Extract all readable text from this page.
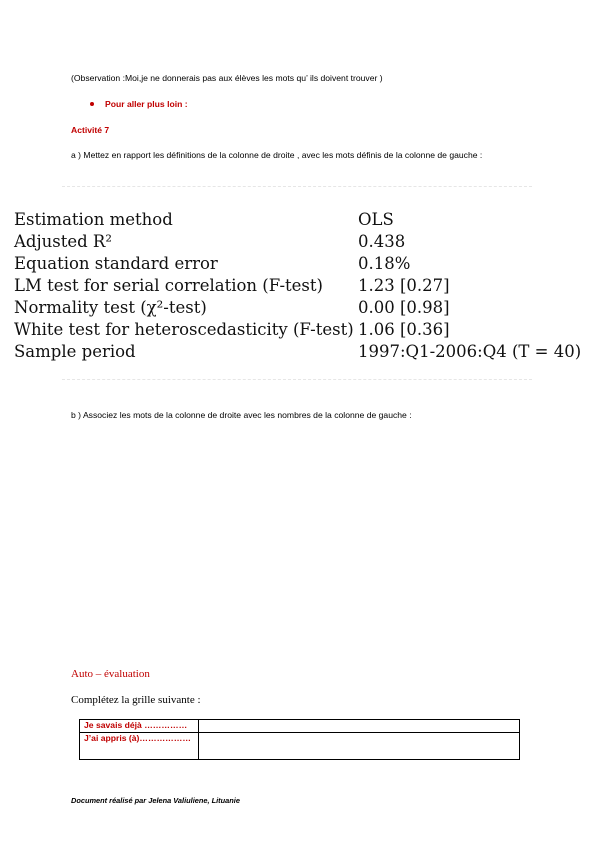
(Observation :Moi,je ne donnerais pas aux élèves les mots qu’ ils doivent trouver )
Pour aller plus loin :
Activité 7
a ) Mettez en rapport les définitions de la colonne de droite , avec les mots définis de la colonne de gauche :
Estimation method	OLS
Adjusted R²	0.438
Equation standard error	0.18%
LM test for serial correlation (F-test) 1.23 [0.27]
Normality test (χ²-test)	0.00 [0.98]
White test for heteroscedasticity (F-test) 1.06 [0.36]
Sample period	1997:Q1-2006:Q4 (T = 40)
b ) Associez les mots de la colonne de droite avec les nombres de la colonne de gauche :
Auto – évaluation
Complétez la grille suivante :
Je savais déjà ……………	
J’ai appris (à)………………	
Document réalisé par Jelena Valiuliene, Lituanie
